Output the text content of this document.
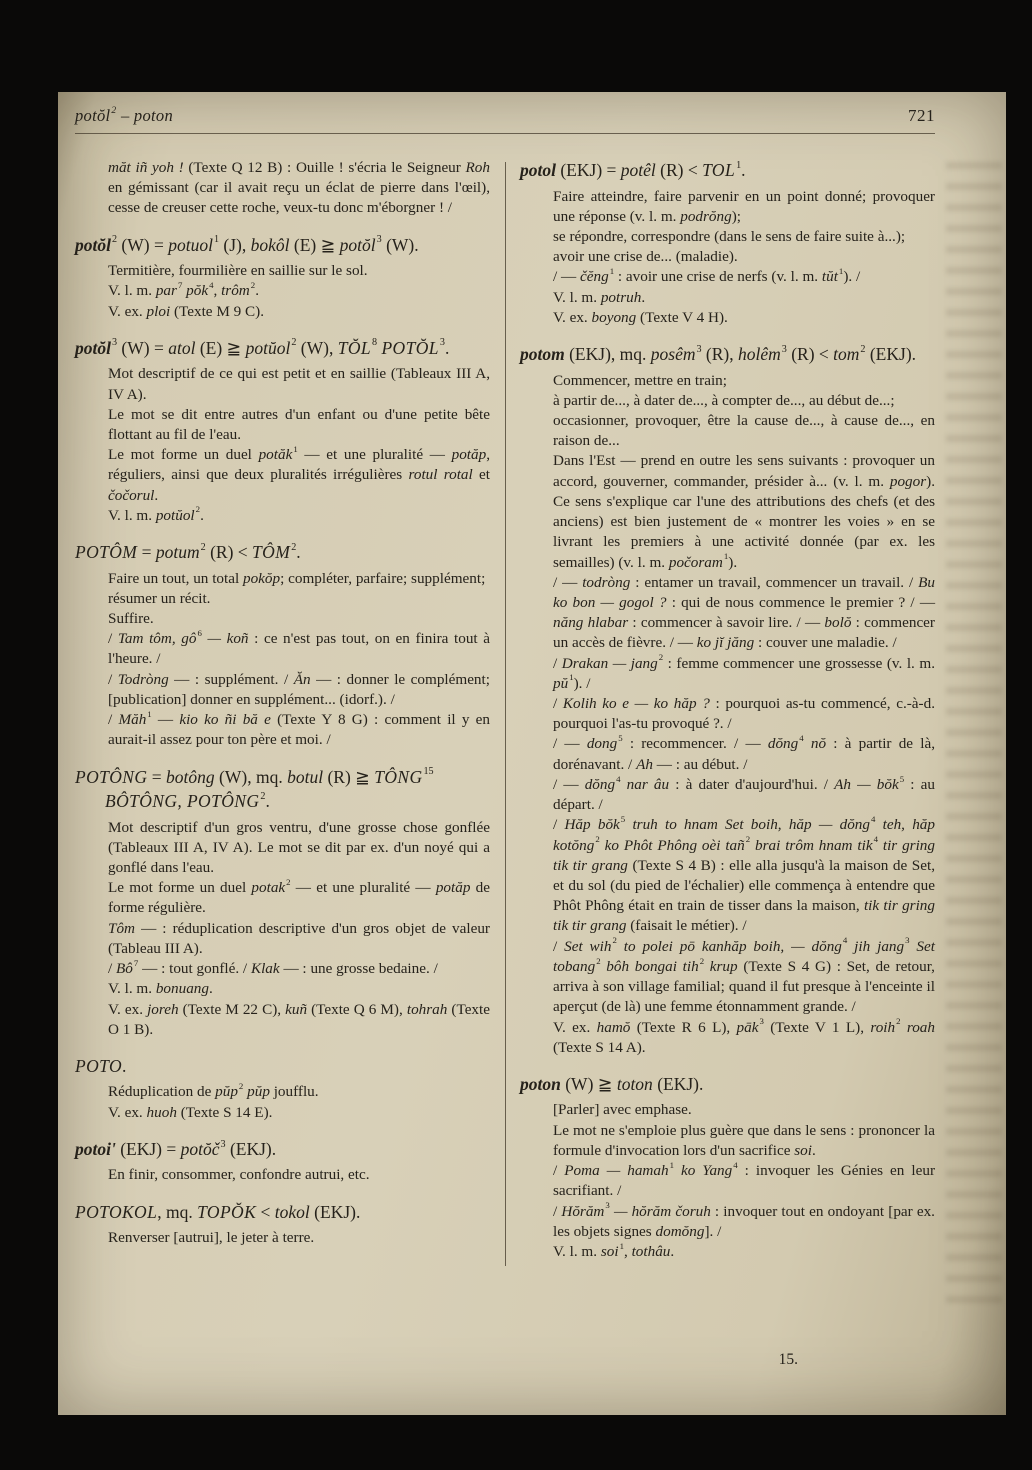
potŏl$^2$ – poton	721

măt iñ yoh ! (Texte Q 12 B) : Ouille ! s'écria le Seigneur Roh en gémissant (car il avait reçu un éclat de pierre dans l'œil), cesse de creuser cette roche, veux-tu donc m'éborgner ! /

potŏl$^2$ (W) = potuol$^1$ (J), bokôl (E) ≧ potŏl$^3$ (W).

Termitière, fourmilière en saillie sur le sol.

V. l. m. par$^7$ pŏk$^4$, trôm$^2$.

V. ex. ploi (Texte M 9 C).

potŏl$^3$ (W) = atol (E) ≧ potŭol$^2$ (W), TŎL$^8$ POTŎL$^3$.

Mot descriptif de ce qui est petit et en saillie (Tableaux III A, IV A).

Le mot se dit entre autres d'un enfant ou d'une petite bête flottant au fil de l'eau.

Le mot forme un duel potăk$^1$ — et une pluralité — potăp, réguliers, ainsi que deux pluralités irrégulières rotul rotal et čočorul.

V. l. m. potŭol$^2$.

POTÔM = potum$^2$ $(R) < TÔM^2$.

Faire un tout, un total pokŏp; compléter, parfaire; supplément;

résumer un récit.

Suffire.

/ Tam tôm, $gô^6$ — koñ : ce n'est pas tout, on en finira tout à l'heure. /

/ Todròng — : supplément. / Ăn — : donner le complément; [publication] donner en supplément... (idorf.). /

/ Măh$^1$ — kio ko ñi bă e (Texte Y 8 G) : comment il y en aurait-il assez pour ton père et moi. /

POTÔNG = botông (W), mq. botul (R) ≧ TÔNG$^{15}$ BÔTÔNG, POTÔNG$^2$.

Mot descriptif d'un gros ventru, d'une grosse chose gonflée (Tableaux III A, IV A). Le mot se dit par ex. d'un noyé qui a gonflé dans l'eau.

Le mot forme un duel potak$^2$ — et une pluralité — potăp de forme régulière.

Tôm — : réduplication descriptive d'un gros objet de valeur (Tableau III A).

/ $Bô^7$ — : tout gonflé. / Klak — : une grosse bedaine. /

V. l. m. bonuang.

V. ex. joreh (Texte M 22 C), kuñ (Texte Q 6 M), tohrah (Texte O 1 B).

POTO.

Réduplication de pŭp$^2$ pŭp joufflu.

V. ex. huoh (Texte S 14 E).

potoi' (EKJ) = potŏč$^3$ (EKJ).

En finir, consommer, confondre autrui, etc.

POTOKOL, mq. TOPŎK < tokol (EKJ).

Renverser [autrui], le jeter à terre.

potol (EKJ) = potêl $(R) < TOL^1$.

Faire atteindre, faire parvenir en un point donné; provoquer une réponse (v. l. m. podrŏng);

se répondre, correspondre (dans le sens de faire suite à...);

avoir une crise de... (maladie).

/ — čĕng$^1$ : avoir une crise de nerfs (v. l. m. tŭt$^1$). /

V. l. m. potruh.

V. ex. boyong (Texte V 4 H).

potom (EKJ), mq. posêm$^3$ (R), holêm$^3$ (R) < tom$^2$ (EKJ).

Commencer, mettre en train;

à partir de..., à dater de..., à compter de..., au début de...;

occasionner, provoquer, être la cause de..., à cause de..., en raison de...

Dans l'Est — prend en outre les sens suivants : provoquer un accord, gouverner, commander, présider à... (v. l. m. pogor). Ce sens s'explique car l'une des attributions des chefs (et des anciens) est bien justement de « montrer les voies » en se livrant les premiers à une activité donnée (par ex. les semailles) (v. l. m. počoram$^1$).

/ — todròng : entamer un travail, commencer un travail. / Bu ko bon — gogol ? : qui de nous commence le premier ? / — năng hlabar : commencer à savoir lire. / — bolŏ : commencer un accès de fièvre. / — ko jĭ jăng : couver une maladie. /

/ Drakan — jang$^2$ : femme commencer une grossesse (v. l. m. $pŭ^1$). /

/ Kolih ko e — ko hăp ? : pourquoi as-tu commencé, c.-à-d. pourquoi l'as-tu provoqué ?. /

/ — dong$^5$ : recommencer. / — dŏng$^4$ nŏ : à partir de là, dorénavant. / Ah — : au début. /

/ — dŏng$^4$ nar âu : à dater d'aujourd'hui. / Ah — bŏk$^5$ : au départ. /

/ Hăp bŏk$^5$ truh to hnam Set boih, hăp — dŏng$^4$ teh, hăp kotŏng$^2$ ko Phôt Phông oèi tañ$^2$ brai trôm hnam tik$^4$ tir gring tik tir grang (Texte S 4 B) : elle alla jusqu'à la maison de Set, et du sol (du pied de l'échalier) elle commença à entendre que Phôt Phông était en train de tisser dans la maison, tik tir gring tik tir grang (faisait le métier). /

/ Set wih$^2$ to polei pō kanhăp boih, — dŏng$^4$ jih jang$^3$ Set tobang$^2$ bôh bongai tih$^2$ krup (Texte S 4 G) : Set, de retour, arriva à son village familial; quand il fut presque à l'enceinte il aperçut (de là) une femme étonnamment grande. /

V. ex. hamŏ (Texte R 6 L), pāk$^3$ (Texte V 1 L), roih$^2$ roah (Texte S 14 A).

poton (W) ≧ toton (EKJ).

[Parler] avec emphase.

Le mot ne s'emploie plus guère que dans le sens : prononcer la formule d'invocation lors d'un sacrifice soi.

/ Poma — hamah$^1$ ko Yang$^4$ : invoquer les Génies en leur sacrifiant. /

/ Hŏrăm$^3$ — hŏrăm čoruh : invoquer tout en ondoyant [par ex. les objets signes domŏng]. /

V. l. m. soi$^1$, tothâu.

15.
